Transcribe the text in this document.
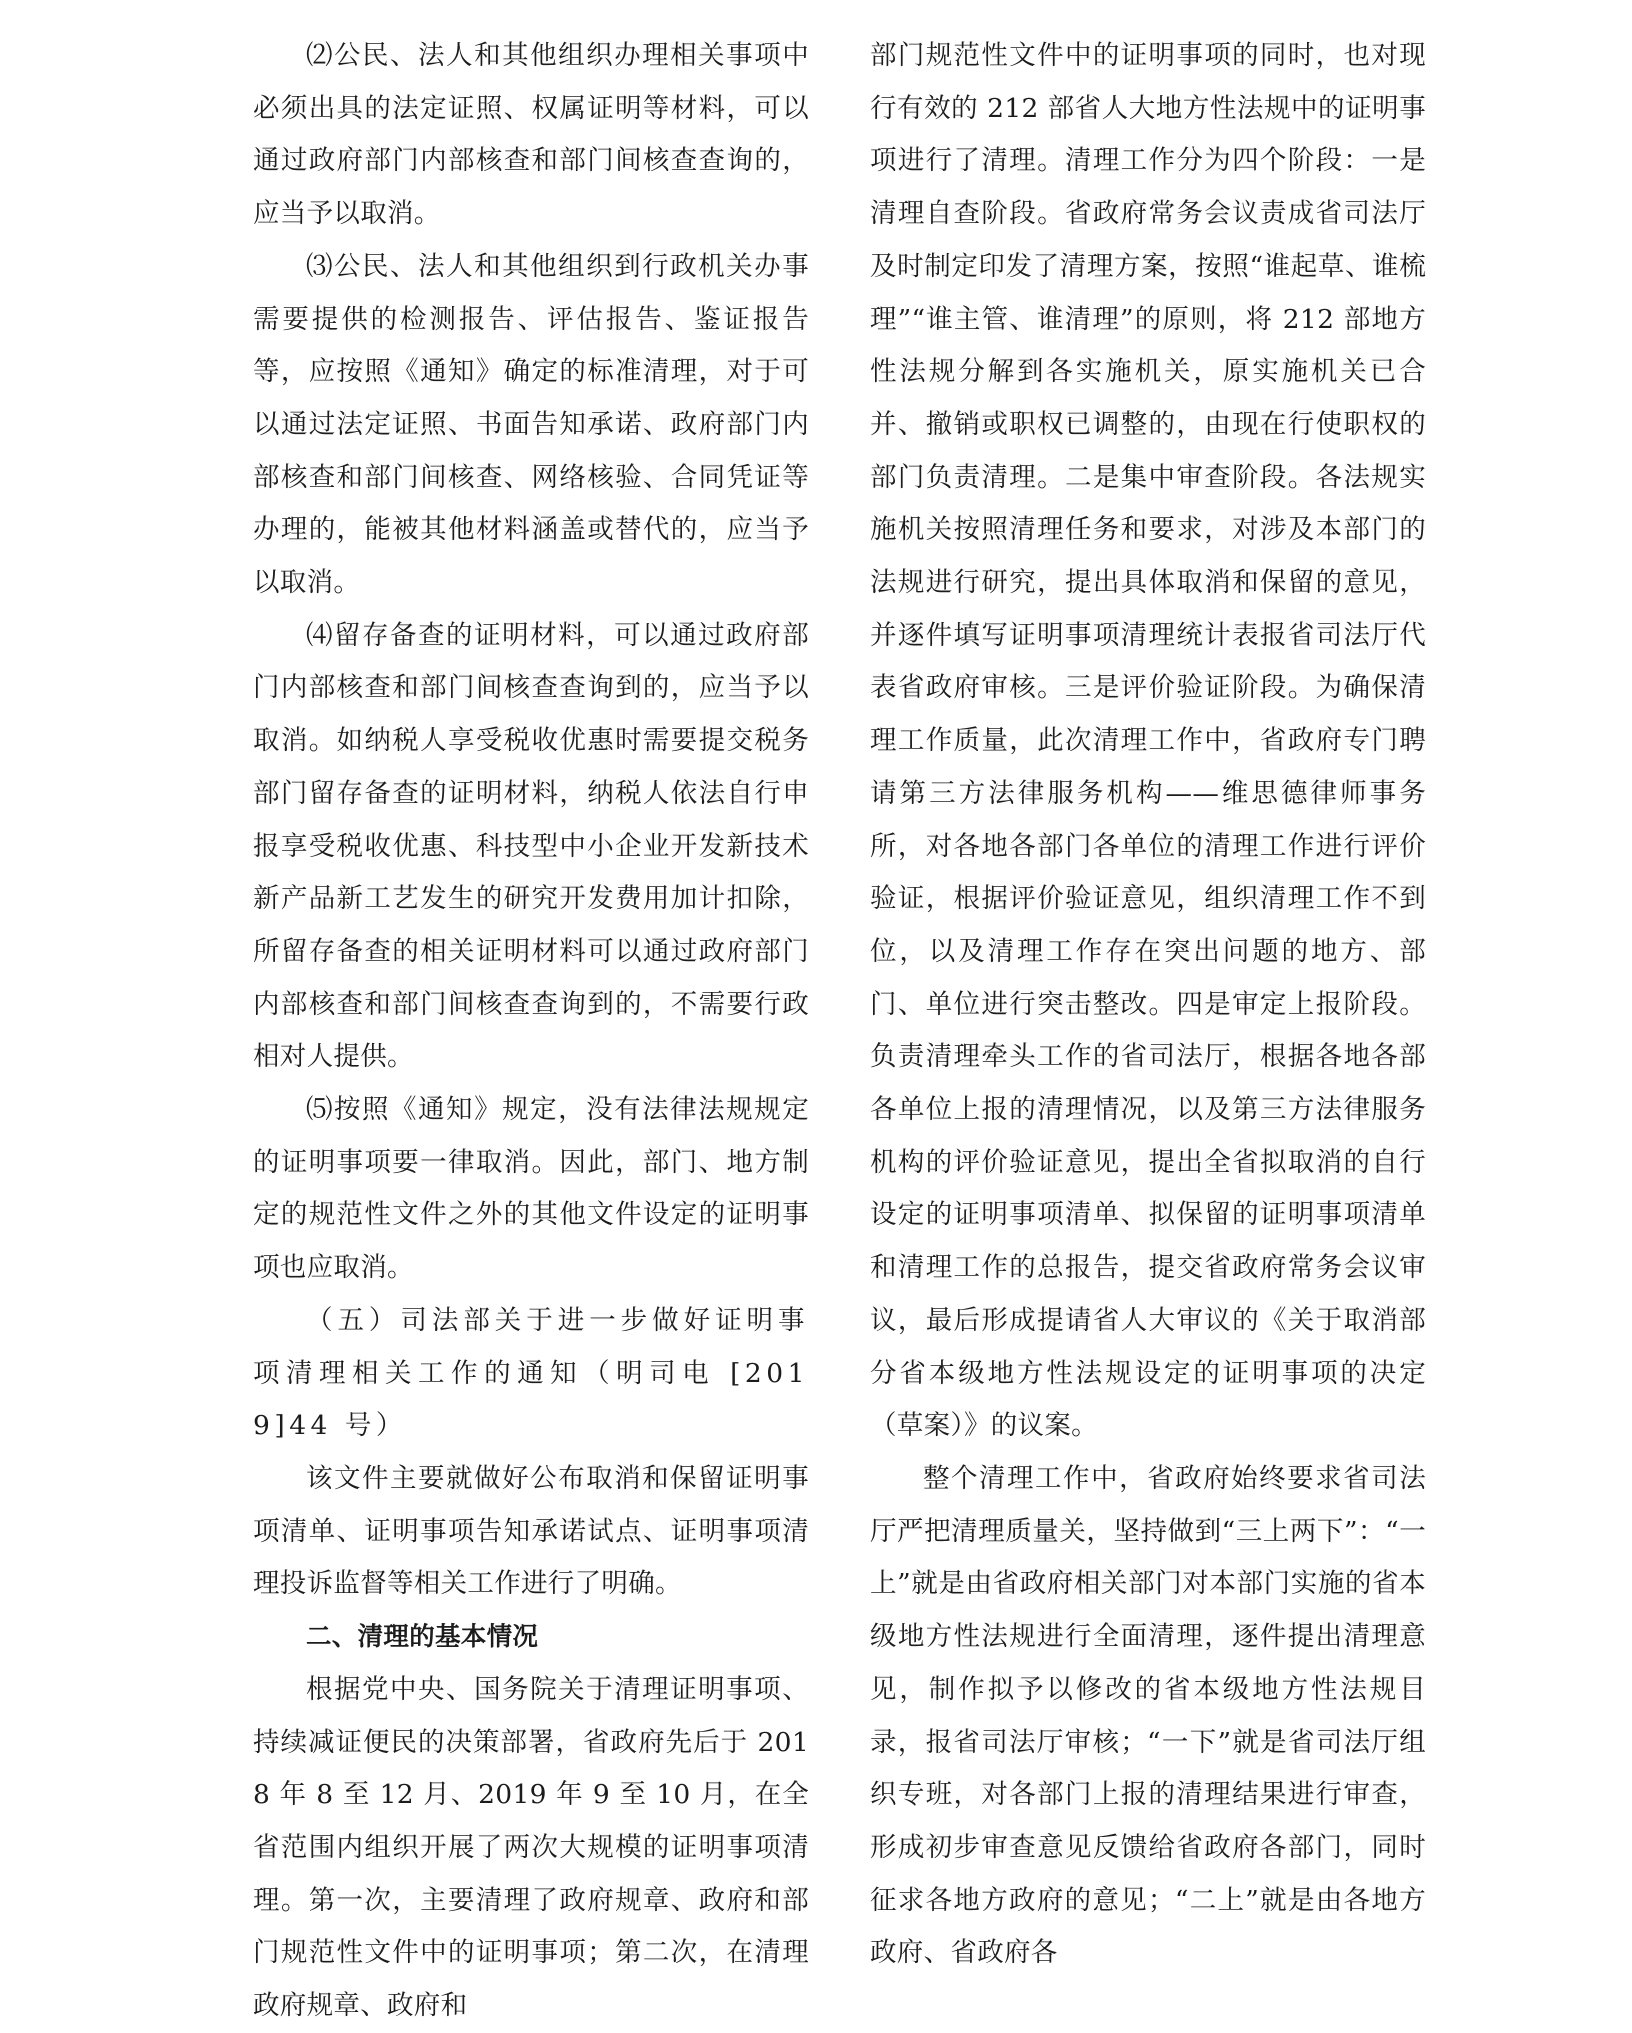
⑵公民、法人和其他组织办理相关事项中必须出具的法定证照、权属证明等材料，可以通过政府部门内部核查和部门间核查查询的，应当予以取消。

⑶公民、法人和其他组织到行政机关办事需要提供的检测报告、评估报告、鉴证报告等，应按照《通知》确定的标准清理，对于可以通过法定证照、书面告知承诺、政府部门内部核查和部门间核查、网络核验、合同凭证等办理的，能被其他材料涵盖或替代的，应当予以取消。

⑷留存备查的证明材料，可以通过政府部门内部核查和部门间核查查询到的，应当予以取消。如纳税人享受税收优惠时需要提交税务部门留存备查的证明材料，纳税人依法自行申报享受税收优惠、科技型中小企业开发新技术新产品新工艺发生的研究开发费用加计扣除，所留存备查的相关证明材料可以通过政府部门内部核查和部门间核查查询到的，不需要行政相对人提供。

⑸按照《通知》规定，没有法律法规规定的证明事项要一律取消。因此，部门、地方制定的规范性文件之外的其他文件设定的证明事项也应取消。

（五）司法部关于进一步做好证明事项清理相关工作的通知（明司电 [2019]44 号）

该文件主要就做好公布取消和保留证明事项清单、证明事项告知承诺试点、证明事项清理投诉监督等相关工作进行了明确。

二、清理的基本情况

根据党中央、国务院关于清理证明事项、持续减证便民的决策部署，省政府先后于 2018 年 8 至 12 月、2019 年 9 至 10 月，在全省范围内组织开展了两次大规模的证明事项清理。第一次，主要清理了政府规章、政府和部门规范性文件中的证明事项；第二次，在清理政府规章、政府和

部门规范性文件中的证明事项的同时，也对现行有效的 212 部省人大地方性法规中的证明事项进行了清理。清理工作分为四个阶段：一是清理自查阶段。省政府常务会议责成省司法厅及时制定印发了清理方案，按照“谁起草、谁梳理”“谁主管、谁清理”的原则，将 212 部地方性法规分解到各实施机关，原实施机关已合并、撤销或职权已调整的，由现在行使职权的部门负责清理。二是集中审查阶段。各法规实施机关按照清理任务和要求，对涉及本部门的法规进行研究，提出具体取消和保留的意见，并逐件填写证明事项清理统计表报省司法厅代表省政府审核。三是评价验证阶段。为确保清理工作质量，此次清理工作中，省政府专门聘请第三方法律服务机构——维思德律师事务所，对各地各部门各单位的清理工作进行评价验证，根据评价验证意见，组织清理工作不到位，以及清理工作存在突出问题的地方、部门、单位进行突击整改。四是审定上报阶段。负责清理牵头工作的省司法厅，根据各地各部各单位上报的清理情况，以及第三方法律服务机构的评价验证意见，提出全省拟取消的自行设定的证明事项清单、拟保留的证明事项清单和清理工作的总报告，提交省政府常务会议审议，最后形成提请省人大审议的《关于取消部分省本级地方性法规设定的证明事项的决定（草案）》的议案。

整个清理工作中，省政府始终要求省司法厅严把清理质量关，坚持做到“三上两下”：“一上”就是由省政府相关部门对本部门实施的省本级地方性法规进行全面清理，逐件提出清理意见，制作拟予以修改的省本级地方性法规目录，报省司法厅审核；“一下”就是省司法厅组织专班，对各部门上报的清理结果进行审查，形成初步审查意见反馈给省政府各部门，同时征求各地方政府的意见；“二上”就是由各地方政府、省政府各
